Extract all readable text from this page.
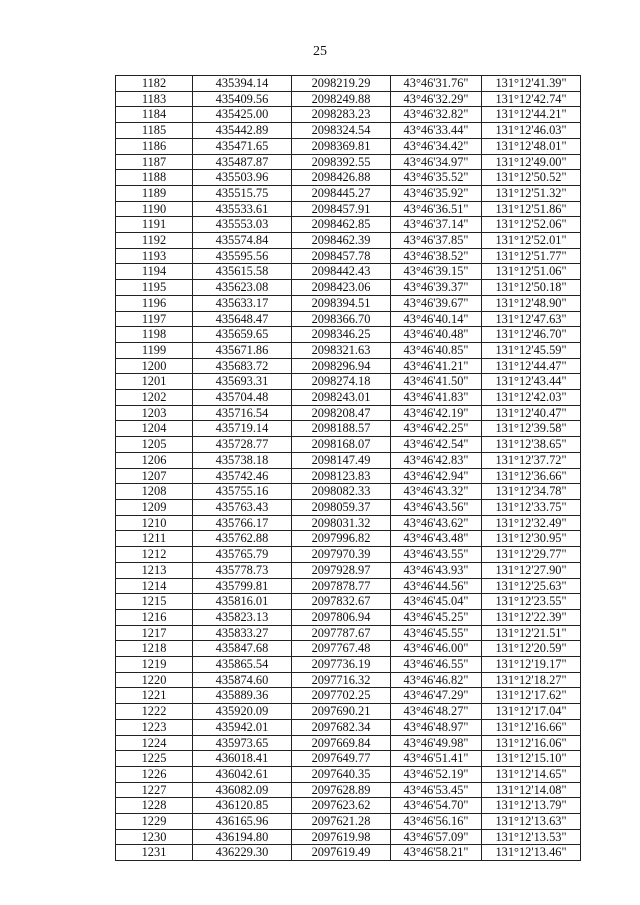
25
1182	435394.14	2098219.29	43°46'31.76"	131°12'41.39"
1183	435409.56	2098249.88	43°46'32.29"	131°12'42.74"
1184	435425.00	2098283.23	43°46'32.82"	131°12'44.21"
1185	435442.89	2098324.54	43°46'33.44"	131°12'46.03"
1186	435471.65	2098369.81	43°46'34.42"	131°12'48.01"
1187	435487.87	2098392.55	43°46'34.97"	131°12'49.00"
1188	435503.96	2098426.88	43°46'35.52"	131°12'50.52"
1189	435515.75	2098445.27	43°46'35.92"	131°12'51.32"
1190	435533.61	2098457.91	43°46'36.51"	131°12'51.86"
1191	435553.03	2098462.85	43°46'37.14"	131°12'52.06"
1192	435574.84	2098462.39	43°46'37.85"	131°12'52.01"
1193	435595.56	2098457.78	43°46'38.52"	131°12'51.77"
1194	435615.58	2098442.43	43°46'39.15"	131°12'51.06"
1195	435623.08	2098423.06	43°46'39.37"	131°12'50.18"
1196	435633.17	2098394.51	43°46'39.67"	131°12'48.90"
1197	435648.47	2098366.70	43°46'40.14"	131°12'47.63"
1198	435659.65	2098346.25	43°46'40.48"	131°12'46.70"
1199	435671.86	2098321.63	43°46'40.85"	131°12'45.59"
1200	435683.72	2098296.94	43°46'41.21"	131°12'44.47"
1201	435693.31	2098274.18	43°46'41.50"	131°12'43.44"
1202	435704.48	2098243.01	43°46'41.83"	131°12'42.03"
1203	435716.54	2098208.47	43°46'42.19"	131°12'40.47"
1204	435719.14	2098188.57	43°46'42.25"	131°12'39.58"
1205	435728.77	2098168.07	43°46'42.54"	131°12'38.65"
1206	435738.18	2098147.49	43°46'42.83"	131°12'37.72"
1207	435742.46	2098123.83	43°46'42.94"	131°12'36.66"
1208	435755.16	2098082.33	43°46'43.32"	131°12'34.78"
1209	435763.43	2098059.37	43°46'43.56"	131°12'33.75"
1210	435766.17	2098031.32	43°46'43.62"	131°12'32.49"
1211	435762.88	2097996.82	43°46'43.48"	131°12'30.95"
1212	435765.79	2097970.39	43°46'43.55"	131°12'29.77"
1213	435778.73	2097928.97	43°46'43.93"	131°12'27.90"
1214	435799.81	2097878.77	43°46'44.56"	131°12'25.63"
1215	435816.01	2097832.67	43°46'45.04"	131°12'23.55"
1216	435823.13	2097806.94	43°46'45.25"	131°12'22.39"
1217	435833.27	2097787.67	43°46'45.55"	131°12'21.51"
1218	435847.68	2097767.48	43°46'46.00"	131°12'20.59"
1219	435865.54	2097736.19	43°46'46.55"	131°12'19.17"
1220	435874.60	2097716.32	43°46'46.82"	131°12'18.27"
1221	435889.36	2097702.25	43°46'47.29"	131°12'17.62"
1222	435920.09	2097690.21	43°46'48.27"	131°12'17.04"
1223	435942.01	2097682.34	43°46'48.97"	131°12'16.66"
1224	435973.65	2097669.84	43°46'49.98"	131°12'16.06"
1225	436018.41	2097649.77	43°46'51.41"	131°12'15.10"
1226	436042.61	2097640.35	43°46'52.19"	131°12'14.65"
1227	436082.09	2097628.89	43°46'53.45"	131°12'14.08"
1228	436120.85	2097623.62	43°46'54.70"	131°12'13.79"
1229	436165.96	2097621.28	43°46'56.16"	131°12'13.63"
1230	436194.80	2097619.98	43°46'57.09"	131°12'13.53"
1231	436229.30	2097619.49	43°46'58.21"	131°12'13.46"
